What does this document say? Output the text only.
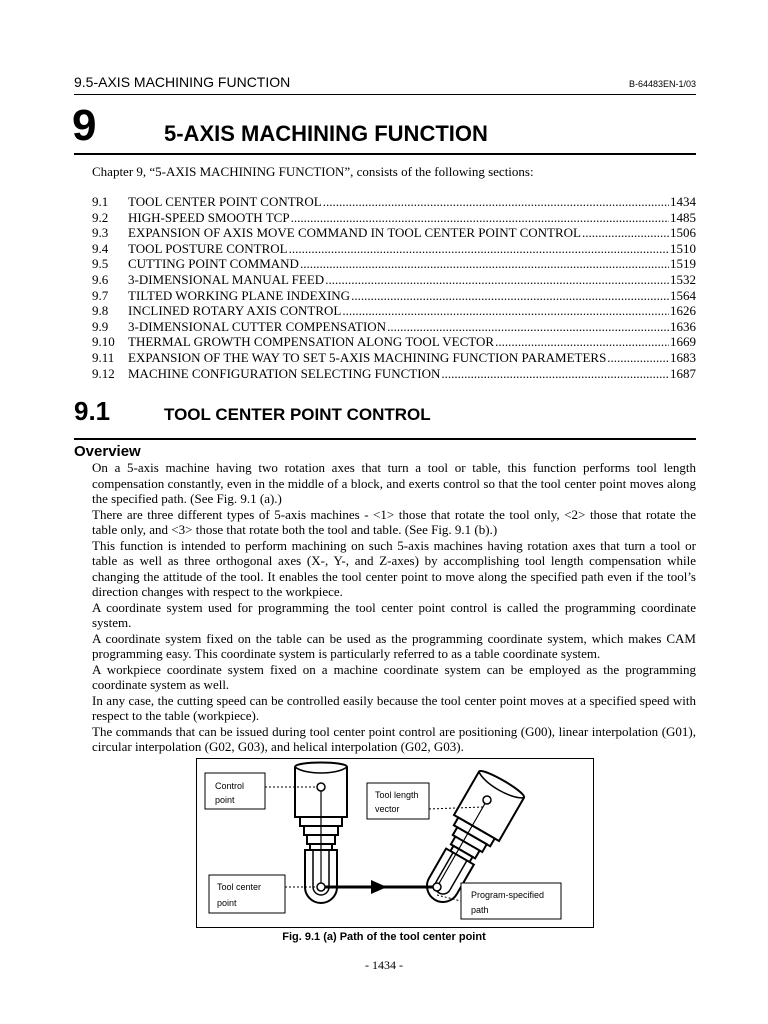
9.5-AXIS MACHINING FUNCTION	B-64483EN-1/03
9	5-AXIS MACHINING FUNCTION
Chapter 9, “5-AXIS MACHINING FUNCTION”, consists of the following sections:
9.1	TOOL CENTER POINT CONTROL .....	1434
9.2	HIGH-SPEED SMOOTH TCP .....	1485
9.3	EXPANSION OF AXIS MOVE COMMAND IN TOOL CENTER POINT CONTROL .....	1506
9.4	TOOL POSTURE CONTROL .....	1510
9.5	CUTTING POINT COMMAND .....	1519
9.6	3-DIMENSIONAL MANUAL FEED .....	1532
9.7	TILTED WORKING PLANE INDEXING .....	1564
9.8	INCLINED ROTARY AXIS CONTROL .....	1626
9.9	3-DIMENSIONAL CUTTER COMPENSATION .....	1636
9.10	THERMAL GROWTH COMPENSATION ALONG TOOL VECTOR .....	1669
9.11	EXPANSION OF THE WAY TO SET 5-AXIS MACHINING FUNCTION PARAMETERS .....	1683
9.12	MACHINE CONFIGURATION SELECTING FUNCTION .....	1687
9.1	TOOL CENTER POINT CONTROL
Overview

On a 5-axis machine having two rotation axes that turn a tool or table, this function performs tool length compensation constantly, even in the middle of a block, and exerts control so that the tool center point moves along the specified path. (See Fig. 9.1 (a).)

There are three different types of 5-axis machines - <1> those that rotate the tool only, <2> those that rotate the table only, and <3> those that rotate both the tool and table. (See Fig. 9.1 (b).)

This function is intended to perform machining on such 5-axis machines having rotation axes that turn a tool or table as well as three orthogonal axes (X-, Y-, and Z-axes) by accomplishing tool length compensation while changing the attitude of the tool. It enables the tool center point to move along the specified path even if the tool’s direction changes with respect to the workpiece.

A coordinate system used for programming the tool center point control is called the programming coordinate system.

A coordinate system fixed on the table can be used as the programming coordinate system, which makes CAM programming easy. This coordinate system is particularly referred to as a table coordinate system.

A workpiece coordinate system fixed on a machine coordinate system can be employed as the programming coordinate system as well.

In any case, the cutting speed can be controlled easily because the tool center point moves at a specified speed with respect to the table (workpiece).

The commands that can be issued during tool center point control are positioning (G00), linear interpolation (G01), circular interpolation (G02, G03), and helical interpolation (G02, G03).

Control
point	Tool length
vector
Tool center
point
Program-specified
path
Fig. 9.1 (a) Path of the tool center point
- 1434 -
